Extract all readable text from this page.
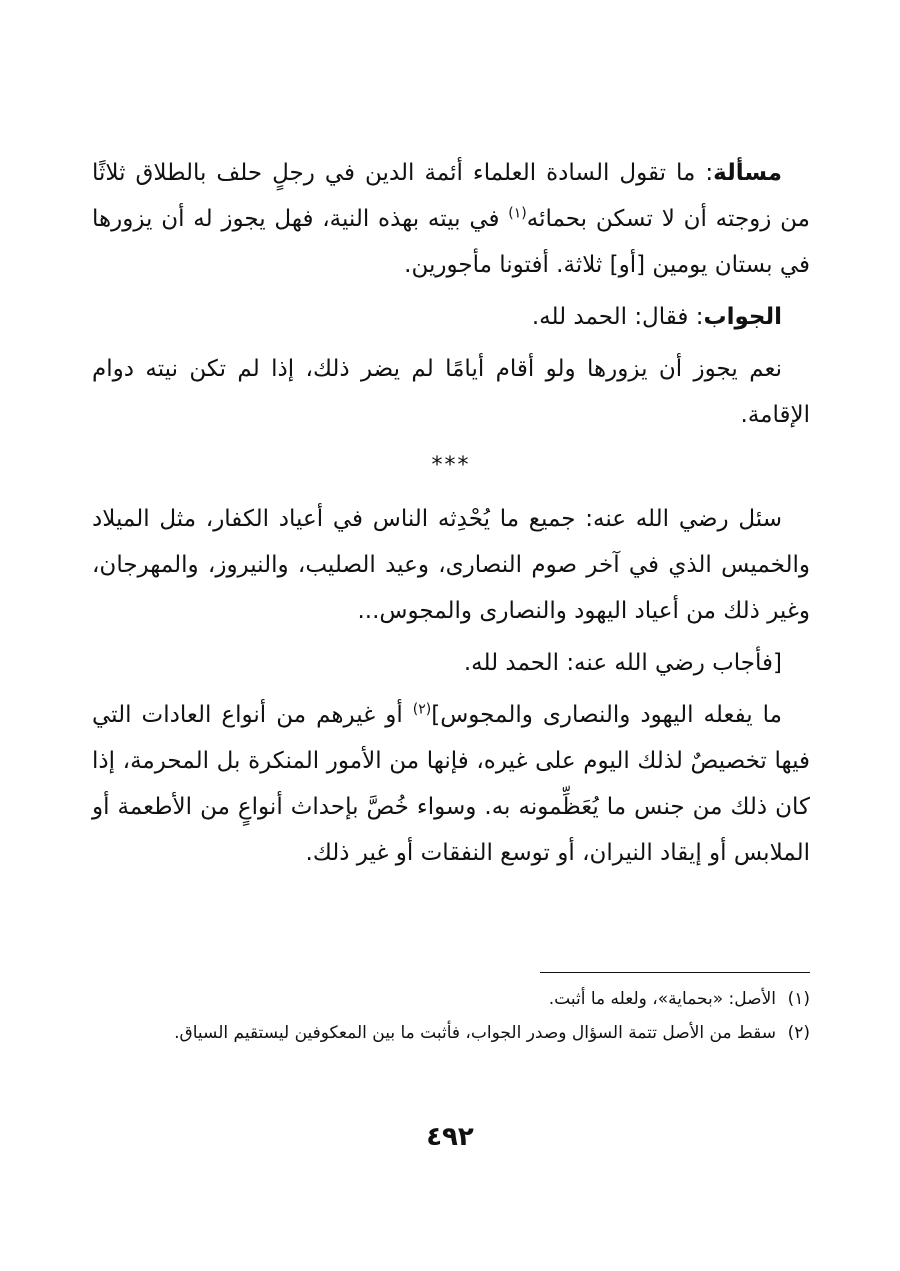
مسألة: ما تقول السادة العلماء أئمة الدين في رجلٍ حلف بالطلاق ثلاثًا من زوجته أن لا تسكن بحمائه$^{(١)}$ في بيته بهذه النية، فهل يجوز له أن يزورها في بستان يومين [أو] ثلاثة. أفتونا مأجورين.

الجواب: فقال: الحمد لله.

نعم يجوز أن يزورها ولو أقام أيامًا لم يضر ذلك، إذا لم تكن نيته دوام الإقامة.

***

سئل رضي الله عنه: جميع ما يُحْدِثه الناس في أعياد الكفار، مثل الميلاد والخميس الذي في آخر صوم النصارى، وعيد الصليب، والنيروز، والمهرجان، وغير ذلك من أعياد اليهود والنصارى والمجوس...

[فأجاب رضي الله عنه: الحمد لله.

ما يفعله اليهود والنصارى والمجوس]$^{(٢)}$ أو غيرهم من أنواع العادات التي فيها تخصيصٌ لذلك اليوم على غيره، فإنها من الأمور المنكرة بل المحرمة، إذا كان ذلك من جنس ما يُعَظِّمونه به. وسواء خُصَّ بإحداث أنواعٍ من الأطعمة أو الملابس أو إيقاد النيران، أو توسع النفقات أو غير ذلك.

(١)الأصل: «بحماية»، ولعله ما أثبت.

(٢)سقط من الأصل تتمة السؤال وصدر الجواب، فأثبت ما بين المعكوفين ليستقيم السياق.

٤٩٢
